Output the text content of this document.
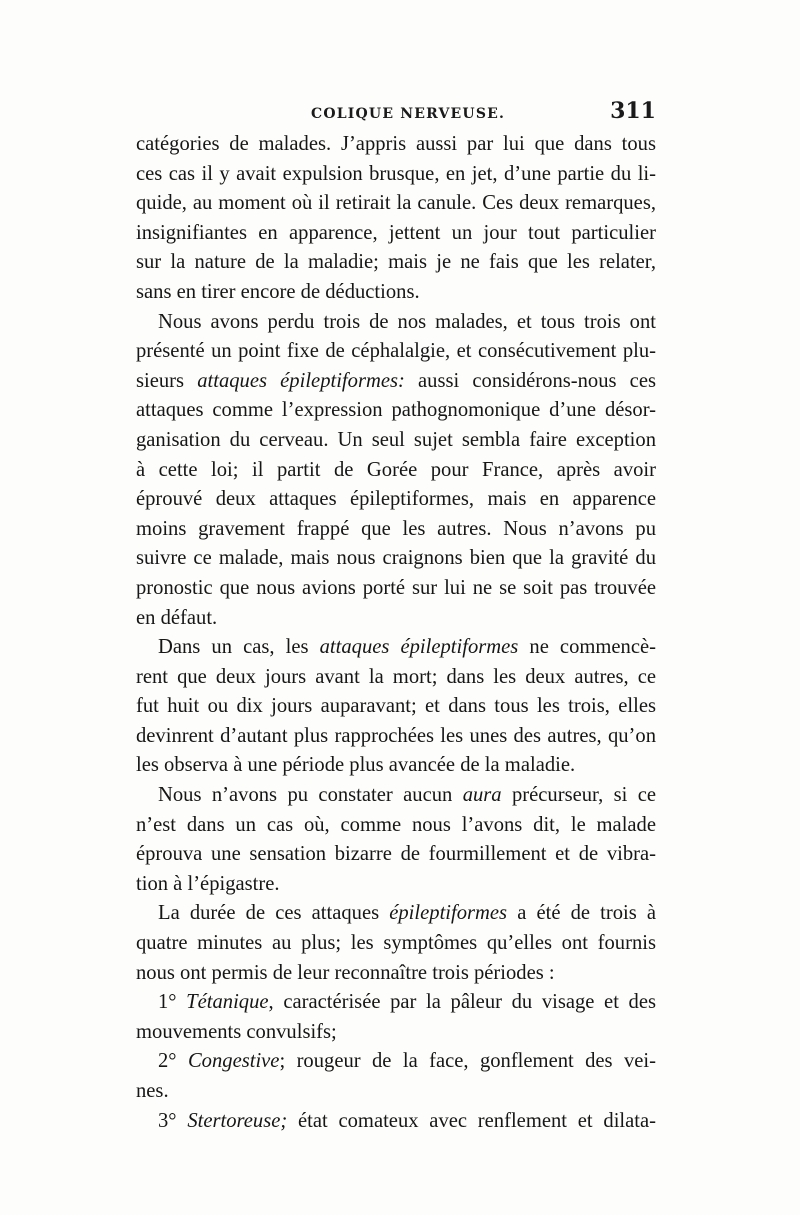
COLIQUE NERVEUSE.	311
catégories de malades. J’appris aussi par lui que dans tous
ces cas il y avait expulsion brusque, en jet, d’une partie du li-
quide, au moment où il retirait la canule. Ces deux remarques,
insignifiantes en apparence, jettent un jour tout particulier
sur la nature de la maladie; mais je ne fais que les relater,
sans en tirer encore de déductions.
Nous avons perdu trois de nos malades, et tous trois ont
présenté un point fixe de céphalalgie, et consécutivement plu-
sieurs attaques épileptiformes: aussi considérons-nous ces
attaques comme l’expression pathognomonique d’une désor-
ganisation du cerveau. Un seul sujet sembla faire exception
à cette loi; il partit de Gorée pour France, après avoir
éprouvé deux attaques épileptiformes, mais en apparence
moins gravement frappé que les autres. Nous n’avons pu
suivre ce malade, mais nous craignons bien que la gravité du
pronostic que nous avions porté sur lui ne se soit pas trouvée
en défaut.
Dans un cas, les attaques épileptiformes ne commencè-
rent que deux jours avant la mort; dans les deux autres, ce
fut huit ou dix jours auparavant; et dans tous les trois, elles
devinrent d’autant plus rapprochées les unes des autres, qu’on
les observa à une période plus avancée de la maladie.
Nous n’avons pu constater aucun aura précurseur, si ce
n’est dans un cas où, comme nous l’avons dit, le malade
éprouva une sensation bizarre de fourmillement et de vibra-
tion à l’épigastre.
La durée de ces attaques épileptiformes a été de trois à
quatre minutes au plus; les symptômes qu’elles ont fournis
nous ont permis de leur reconnaître trois périodes :
1° Tétanique, caractérisée par la pâleur du visage et des
mouvements convulsifs;
2° Congestive; rougeur de la face, gonflement des vei-
nes.
3° Stertoreuse; état comateux avec renflement et dilata-
